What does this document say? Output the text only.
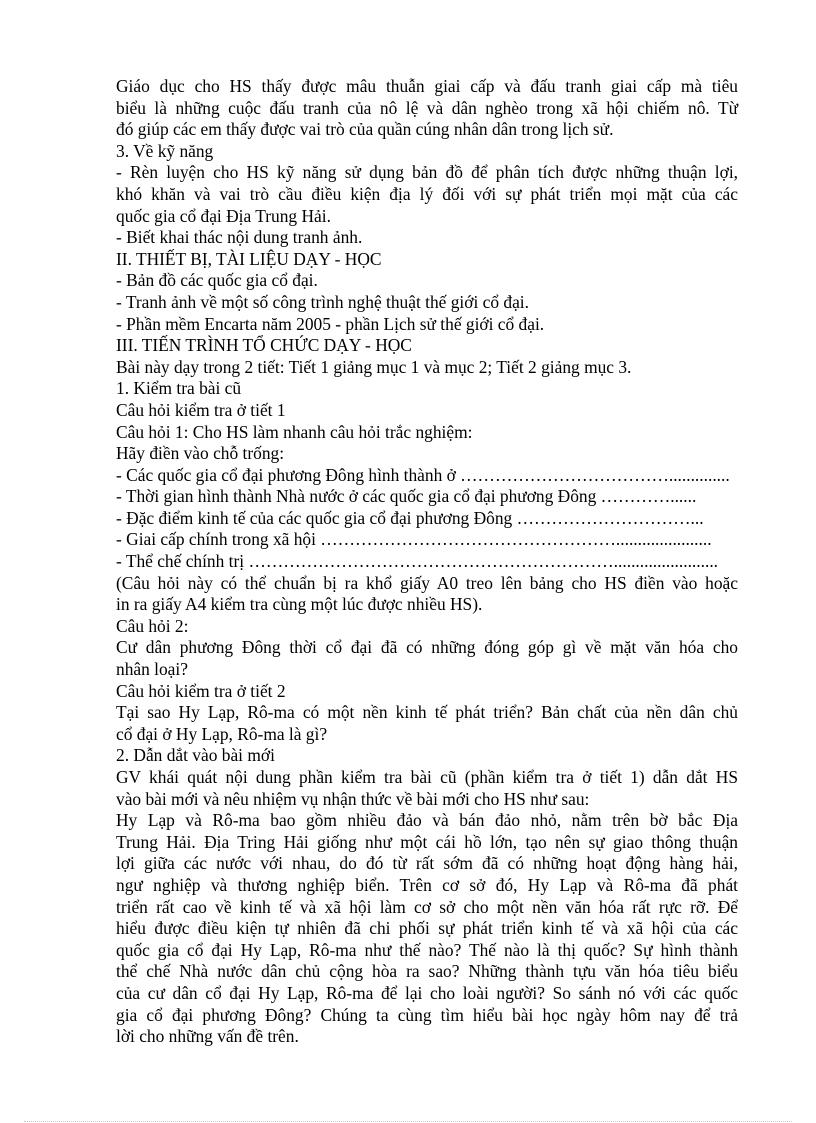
Giáo dục cho HS thấy được mâu thuẫn giai cấp và đấu tranh giai cấp mà tiêu
biểu là những cuộc đấu tranh của nô lệ và dân nghèo trong xã hội chiếm nô. Từ
đó giúp các em thấy được vai trò của quần cúng nhân dân trong lịch sử.
3. Về kỹ năng
- Rèn luyện cho HS kỹ năng sử dụng bản đồ để phân tích được những thuận lợi,
khó khăn và vai trò cầu điều kiện địa lý đối với sự phát triển mọi mặt của các
quốc gia cổ đại Địa Trung Hải.
- Biết khai thác nội dung tranh ảnh.
II. THIẾT BỊ, TÀI LIỆU DẠY - HỌC
- Bản đồ các quốc gia cổ đại.
- Tranh ảnh về một số công trình nghệ thuật thế giới cổ đại.
- Phần mềm Encarta năm 2005 - phần Lịch sử thế giới cổ đại.
III. TIẾN TRÌNH TỔ CHỨC DẠY - HỌC
Bài này dạy trong 2 tiết: Tiết 1 giảng mục 1 và mục 2; Tiết 2 giảng mục 3.
1. Kiểm tra bài cũ
Câu hỏi kiểm tra ở tiết 1
Câu hỏi 1: Cho HS làm nhanh câu hỏi trắc nghiệm:
Hãy điền vào chỗ trống:
- Các quốc gia cổ đại phương Đông hình thành ở ………………………………..............
- Thời gian hình thành Nhà nước ở các quốc gia cổ đại phương Đông …………......
- Đặc điểm kinh tế của các quốc gia cổ đại phương Đông …………………………...
- Giai cấp chính trong xã hội ……………………………………………......................
- Thể chế chính trị ………………………………………………………........................
(Câu hỏi này có thể chuẩn bị ra khổ giấy A0 treo lên bảng cho HS điền vào hoặc
in ra giấy A4 kiểm tra cùng một lúc được nhiều HS).
Câu hỏi 2:
Cư dân phương Đông thời cổ đại đã có những đóng góp gì về mặt văn hóa cho
nhân loại?
Câu hỏi kiểm tra ở tiết 2
Tại sao Hy Lạp, Rô-ma có một nền kinh tế phát triển? Bản chất của nền dân chủ
cổ đại ở Hy Lạp, Rô-ma là gì?
2. Dẫn dắt vào bài mới
GV khái quát nội dung phần kiểm tra bài cũ (phần kiểm tra ở tiết 1) dẫn dắt HS
vào bài mới và nêu nhiệm vụ nhận thức về bài mới cho HS như sau:
Hy Lạp và Rô-ma bao gồm nhiều đảo và bán đảo nhỏ, nằm trên bờ bắc Địa
Trung Hải. Địa Tring Hải giống như một cái hồ lớn, tạo nên sự giao thông thuận
lợi giữa các nước với nhau, do đó từ rất sớm đã có những hoạt động hàng hải,
ngư nghiệp và thương nghiệp biển. Trên cơ sở đó, Hy Lạp và Rô-ma đã phát
triển rất cao về kinh tế và xã hội làm cơ sở cho một nền văn hóa rất rực rỡ. Để
hiểu được điều kiện tự nhiên đã chi phối sự phát triển kinh tế và xã hội của các
quốc gia cổ đại Hy Lạp, Rô-ma như thế nào? Thế nào là thị quốc? Sự hình thành
thể chế Nhà nước dân chủ cộng hòa ra sao? Những thành tựu văn hóa tiêu biểu
của cư dân cổ đại Hy Lạp, Rô-ma để lại cho loài người? So sánh nó với các quốc
gia cổ đại phương Đông? Chúng ta cùng tìm hiểu bài học ngày hôm nay để trả
lời cho những vấn đề trên.
